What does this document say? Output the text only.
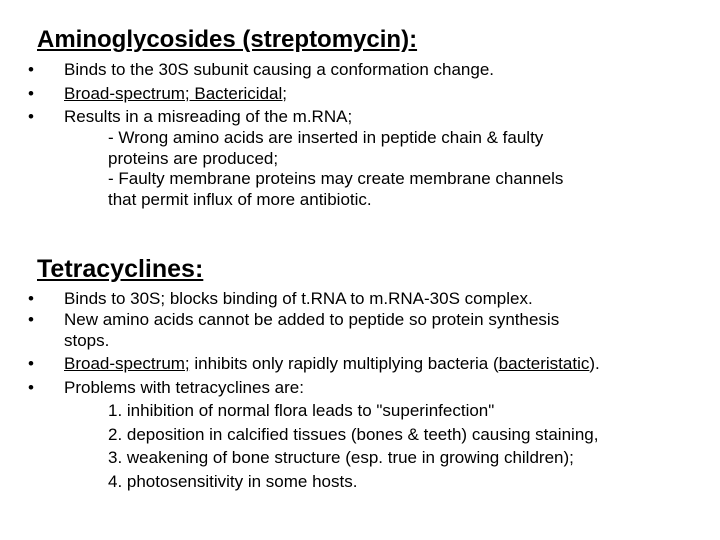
Aminoglycosides (streptomycin):
• Binds to the 30S subunit causing a conformation change.
• Broad-spectrum; Bactericidal;
• Results in a misreading of the m.RNA;
- Wrong amino acids are inserted in peptide chain & faulty
proteins are produced;
- Faulty membrane proteins may create membrane channels
that permit influx of more antibiotic.
Tetracyclines:
• Binds to 30S; blocks binding of t.RNA to m.RNA-30S complex.
• New amino acids cannot be added to peptide so protein synthesis
stops.
• Broad-spectrum; inhibits only rapidly multiplying bacteria (bacteristatic).
• Problems with tetracyclines are:
1. inhibition of normal flora leads to "superinfection"
2. deposition in calcified tissues (bones & teeth) causing staining,
3. weakening of bone structure (esp. true in growing children);
4. photosensitivity in some hosts.
